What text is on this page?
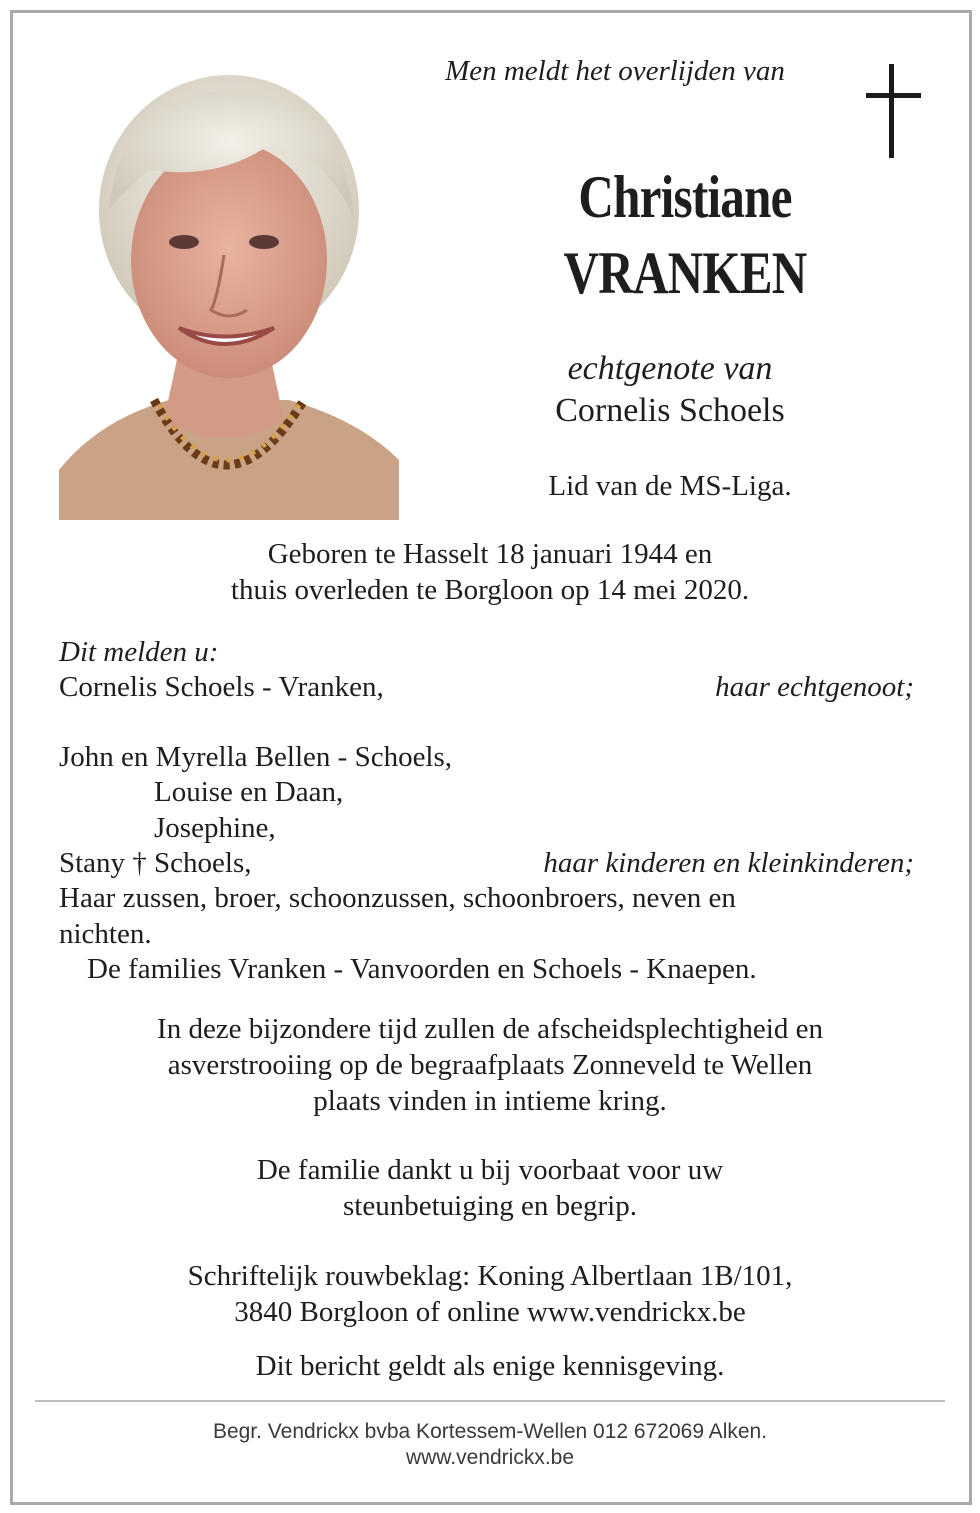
Men meldt het overlijden van
Christiane
VRANKEN
echtgenote van
Cornelis Schoels
Lid van de MS-Liga.
Geboren te Hasselt 18 januari 1944 en
thuis overleden te Borgloon op 14 mei 2020.
Dit melden u:
Cornelis Schoels - Vranken,	haar echtgenoot;
John en Myrella Bellen - Schoels,
Louise en Daan,
Josephine,
Stany † Schoels,	haar kinderen en kleinkinderen;
Haar zussen, broer, schoonzussen, schoonbroers, neven en
nichten.
De families Vranken - Vanvoorden en Schoels - Knaepen.
In deze bijzondere tijd zullen de afscheidsplechtigheid en
asverstrooiing op de begraafplaats Zonneveld te Wellen
plaats vinden in intieme kring.
De familie dankt u bij voorbaat voor uw
steunbetuiging en begrip.
Schriftelijk rouwbeklag: Koning Albertlaan 1B/101,
3840 Borgloon of online www.vendrickx.be
Dit bericht geldt als enige kennisgeving.
Begr. Vendrickx bvba Kortessem-Wellen 012 672069 Alken.
www.vendrickx.be
